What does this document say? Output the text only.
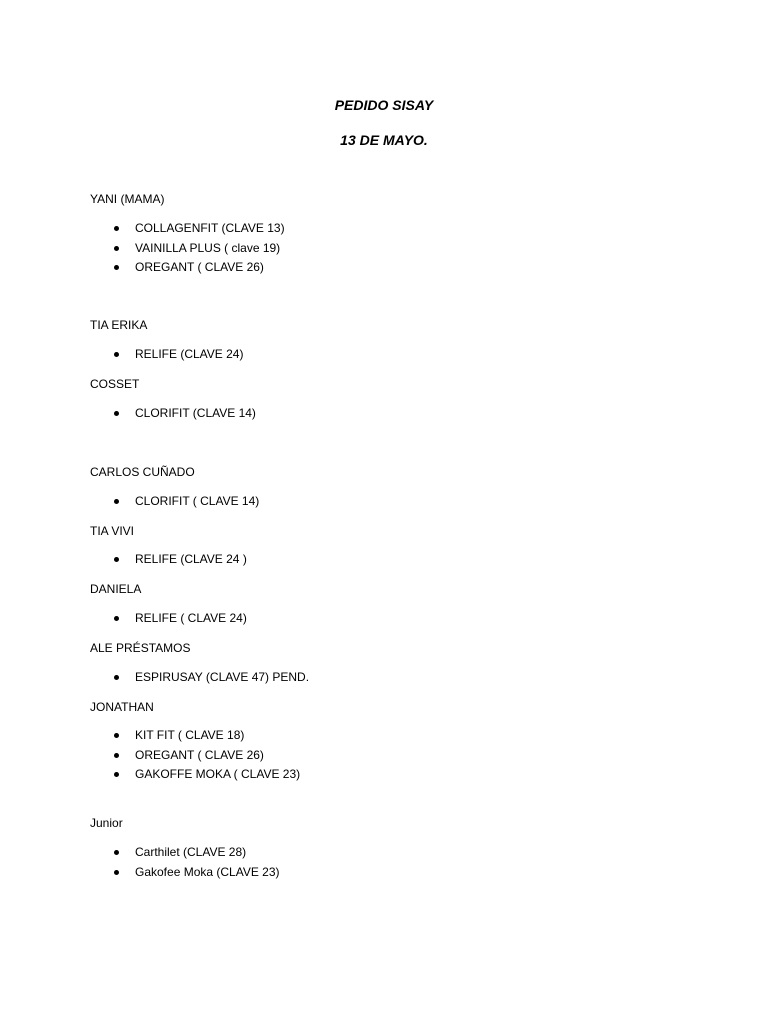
PEDIDO SISAY

13 DE MAYO.

YANI (MAMA)

COLLAGENFIT (CLAVE 13)
VAINILLA PLUS ( clave 19)
OREGANT ( CLAVE 26)

TIA ERIKA

RELIFE (CLAVE 24)

COSSET

CLORIFIT (CLAVE 14)

CARLOS CUÑADO

CLORIFIT ( CLAVE 14)

TIA VIVI

RELIFE (CLAVE 24 )

DANIELA

RELIFE ( CLAVE 24)

ALE PRÉSTAMOS

ESPIRUSAY (CLAVE 47) PEND.

JONATHAN

KIT FIT ( CLAVE 18)
OREGANT ( CLAVE 26)
GAKOFFE MOKA ( CLAVE 23)

Junior

Carthilet (CLAVE 28)
Gakofee Moka (CLAVE 23)
